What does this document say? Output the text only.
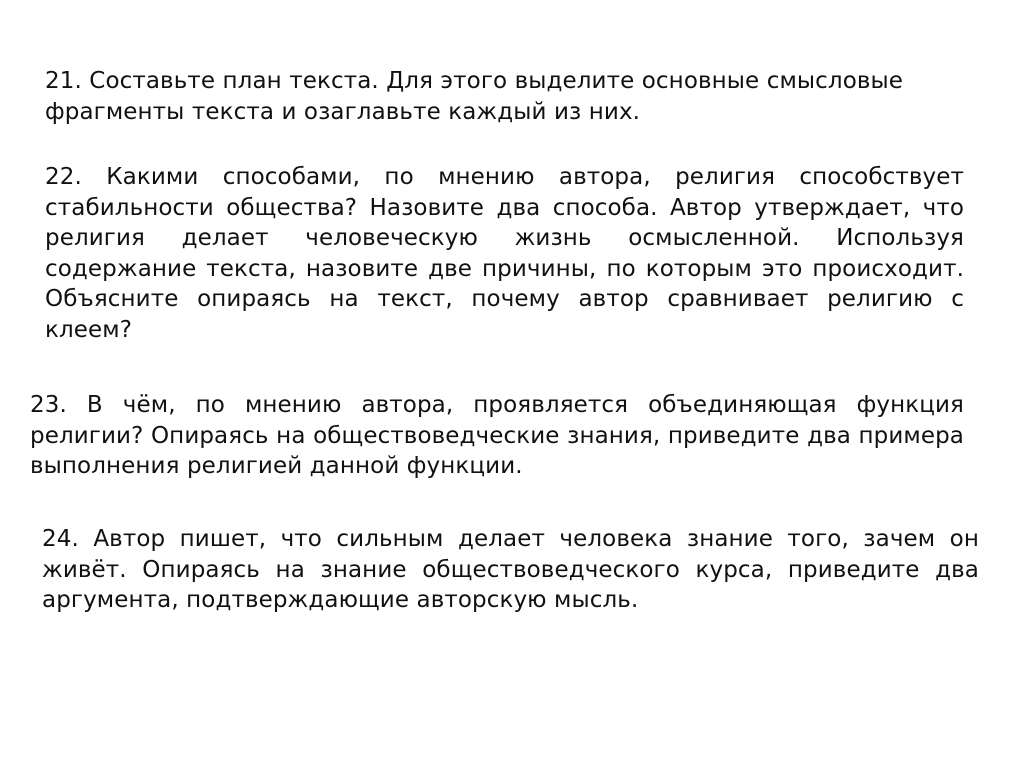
21. Составьте план текста. Для этого выделите основные смысловые фрагменты текста и озаглавьте каждый из них.

22. Какими способами, по мнению автора, религия способствует стабильности общества? Назовите два способа. Автор утверждает, что религия делает человеческую жизнь осмысленной. Используя содержание текста, назовите две причины, по которым это происходит. Объясните опираясь на текст, почему автор сравнивает религию с клеем?

23. В чём, по мнению автора, проявляется объединяющая функция религии? Опираясь на обществоведческие знания, приведите два примера выполнения религией данной функции.

24. Автор пишет, что сильным делает человека знание того, зачем он живёт. Опираясь на знание обществоведческого курса, приведите два аргумента, подтверждающие авторскую мысль.
